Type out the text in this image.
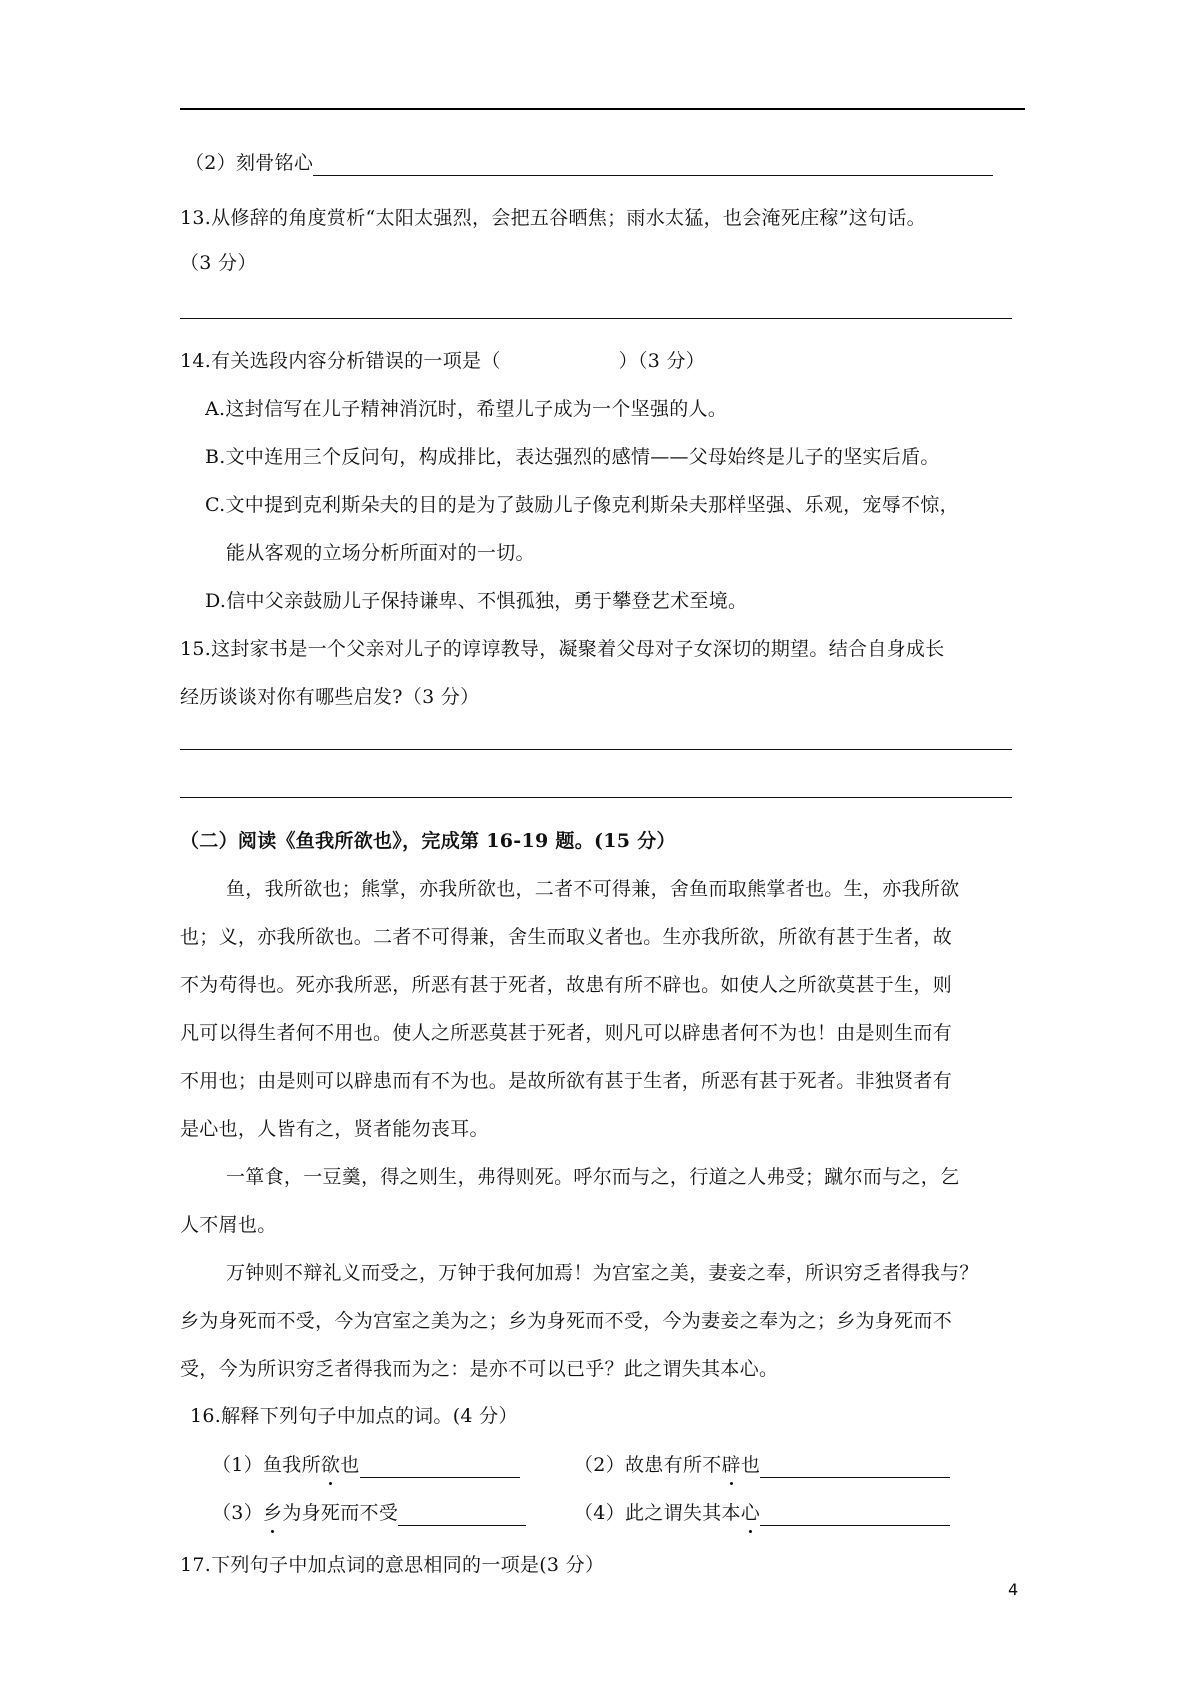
（2）刻骨铭心
13.从修辞的角度赏析“太阳太强烈，会把五谷晒焦；雨水太猛，也会淹死庄稼”这句话。
（3 分）
14.有关选段内容分析错误的一项是（	）（3 分）
A.这封信写在儿子精神消沉时，希望儿子成为一个坚强的人。
B.文中连用三个反问句，构成排比，表达强烈的感情——父母始终是儿子的坚实后盾。
C.文中提到克利斯朵夫的目的是为了鼓励儿子像克利斯朵夫那样坚强、乐观，宠辱不惊，
能从客观的立场分析所面对的一切。
D.信中父亲鼓励儿子保持谦卑、不惧孤独，勇于攀登艺术至境。
15.这封家书是一个父亲对儿子的谆谆教导，凝聚着父母对子女深切的期望。结合自身成长
经历谈谈对你有哪些启发?（3 分）
（二）阅读《鱼我所欲也》，完成第 16-19 题。(15 分）
鱼，我所欲也；熊掌，亦我所欲也，二者不可得兼，舍鱼而取熊掌者也。生，亦我所欲
也；义，亦我所欲也。二者不可得兼，舍生而取义者也。生亦我所欲，所欲有甚于生者，故
不为苟得也。死亦我所恶，所恶有甚于死者，故患有所不辟也。如使人之所欲莫甚于生，则
凡可以得生者何不用也。使人之所恶莫甚于死者，则凡可以辟患者何不为也！由是则生而有
不用也；由是则可以辟患而有不为也。是故所欲有甚于生者，所恶有甚于死者。非独贤者有
是心也，人皆有之，贤者能勿丧耳。
一箪食，一豆羹，得之则生，弗得则死。呼尔而与之，行道之人弗受；蹴尔而与之，乞
人不屑也。
万钟则不辩礼义而受之，万钟于我何加焉！为宫室之美，妻妾之奉，所识穷乏者得我与？
乡为身死而不受，今为宫室之美为之；乡为身死而不受，今为妻妾之奉为之；乡为身死而不
受，今为所识穷乏者得我而为之：是亦不可以已乎？此之谓失其本心。
16.解释下列句子中加点的词。(4 分）
（1）鱼我所欲也	（2）故患有所不辟也
（3）乡为身死而不受	（4）此之谓失其本心
17.下列句子中加点词的意思相同的一项是(3 分）
4
